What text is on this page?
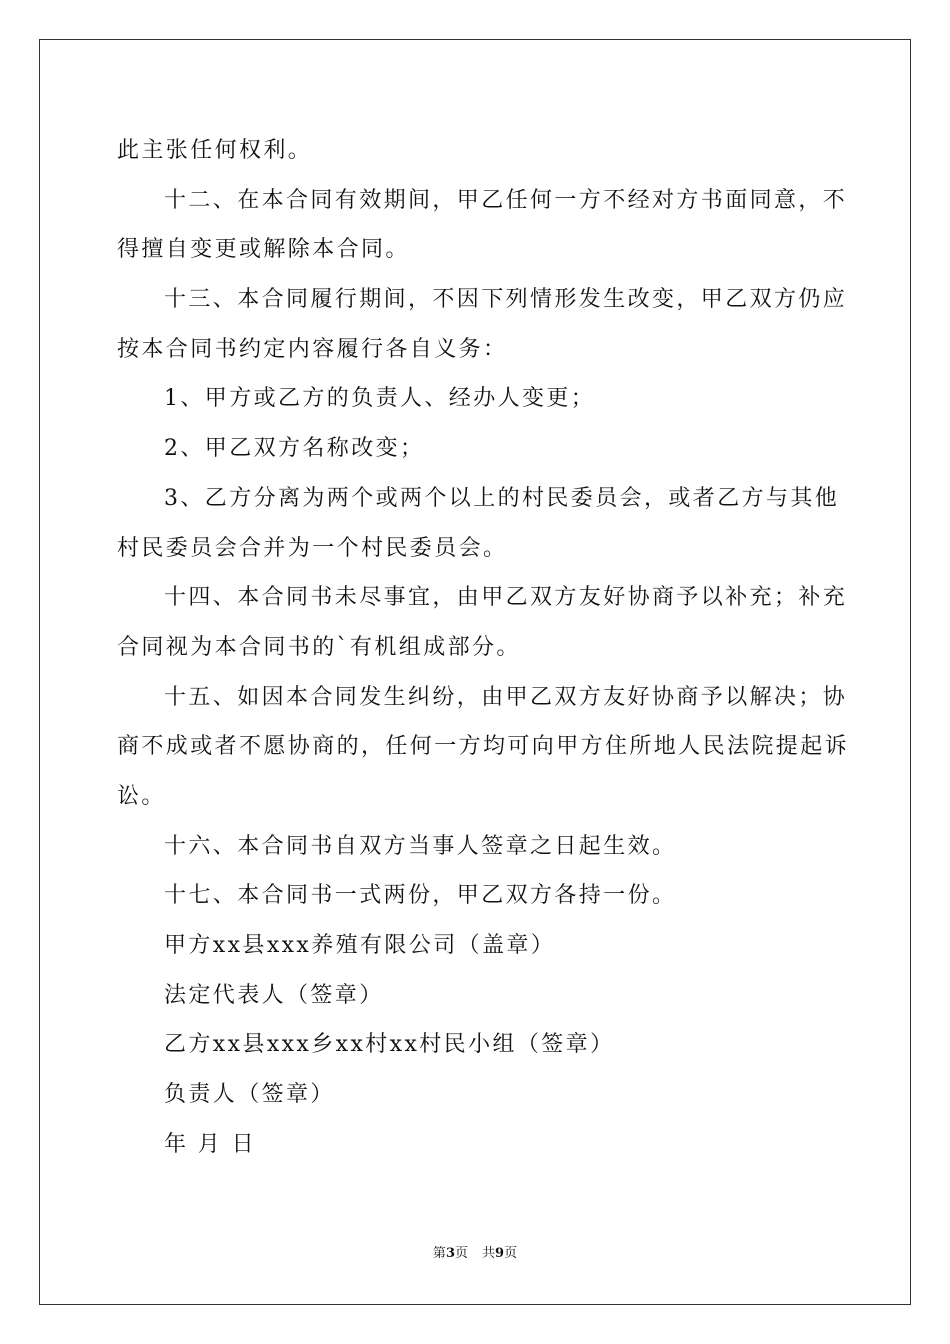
此主张任何权利。
十二、在本合同有效期间，甲乙任何一方不经对方书面同意，不
得擅自变更或解除本合同。
十三、本合同履行期间，不因下列情形发生改变，甲乙双方仍应
按本合同书约定内容履行各自义务：
1、甲方或乙方的负责人、经办人变更；
2、甲乙双方名称改变；
3、乙方分离为两个或两个以上的村民委员会，或者乙方与其他
村民委员会合并为一个村民委员会。
十四、本合同书未尽事宜，由甲乙双方友好协商予以补充；补充
合同视为本合同书的`有机组成部分。
十五、如因本合同发生纠纷，由甲乙双方友好协商予以解决；协
商不成或者不愿协商的，任何一方均可向甲方住所地人民法院提起诉
讼。
十六、本合同书自双方当事人签章之日起生效。
十七、本合同书一式两份，甲乙双方各持一份。
甲方xx县xxx养殖有限公司（盖章）
法定代表人（签章）
乙方xx县xxx乡xx村xx村民小组（签章）
负责人（签章）
年 月 日
第3页 共9页
